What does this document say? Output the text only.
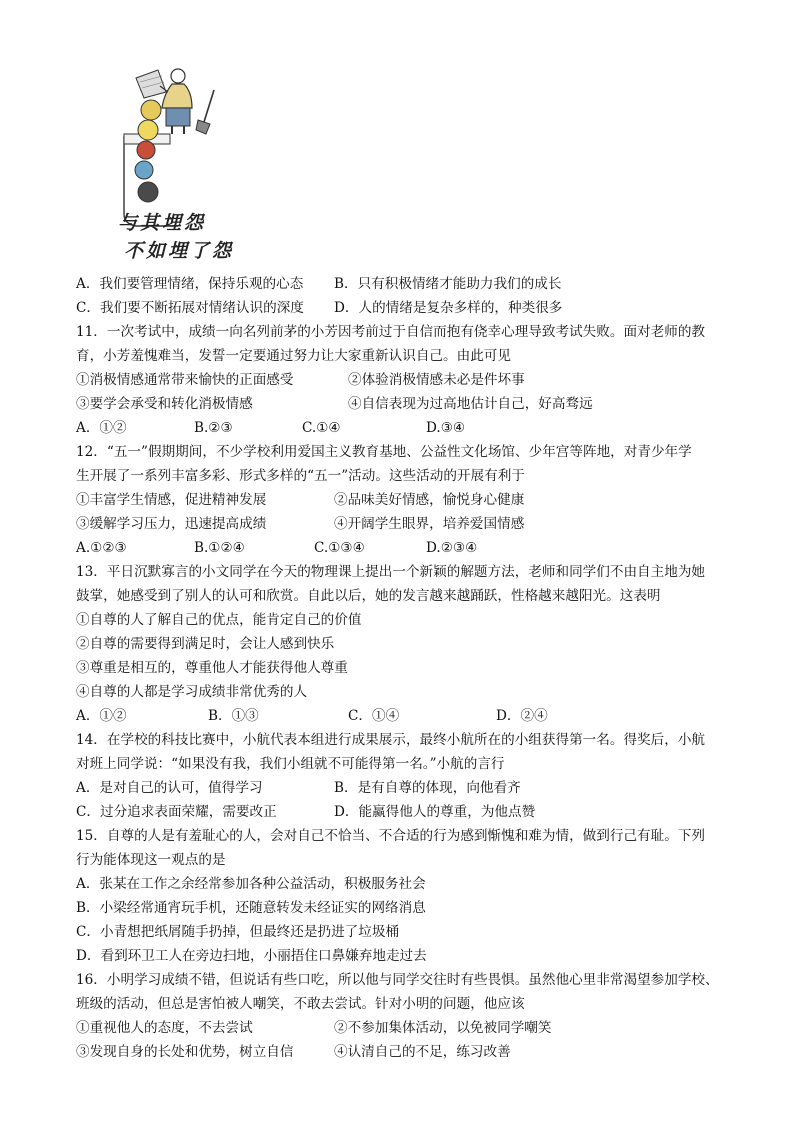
与其埋怨
不如埋了怨
A．我们要管理情绪，保持乐观的心态 B．只有积极情绪才能助力我们的成长
C．我们要不断拓展对情绪认识的深度 D．人的情绪是复杂多样的，种类很多
11．一次考试中，成绩一向名列前茅的小芳因考前过于自信而抱有侥幸心理导致考试失败。面对老师的教
育，小芳羞愧难当，发誓一定要通过努力让大家重新认识自己。由此可见
①消极情感通常带来愉快的正面感受	②体验消极情感未必是件坏事
③要学会承受和转化消极情感	④自信表现为过高地估计自己，好高骛远
A．①②	B.②③	C.①④	D.③④
12．“五一”假期期间，不少学校利用爱国主义教育基地、公益性文化场馆、少年宫等阵地，对青少年学
生开展了一系列丰富多彩、形式多样的“五一”活动。这些活动的开展有利于
①丰富学生情感，促进精神发展	②品味美好情感，愉悦身心健康
③缓解学习压力，迅速提高成绩	④开阔学生眼界，培养爱国情感
A.①②③	B.①②④	C.①③④	D.②③④
13．平日沉默寡言的小文同学在今天的物理课上提出一个新颖的解题方法，老师和同学们不由自主地为她
鼓掌，她感受到了别人的认可和欣赏。自此以后，她的发言越来越踊跃，性格越来越阳光。这表明
①自尊的人了解自己的优点，能肯定自己的价值
②自尊的需要得到满足时，会让人感到快乐
③尊重是相互的，尊重他人才能获得他人尊重
④自尊的人都是学习成绩非常优秀的人
A．①②	B．①③	C．①④	D．②④
14．在学校的科技比赛中，小航代表本组进行成果展示，最终小航所在的小组获得第一名。得奖后，小航
对班上同学说：“如果没有我，我们小组就不可能得第一名。”小航的言行
A．是对自己的认可，值得学习	B．是有自尊的体现，向他看齐
C．过分追求表面荣耀，需要改正	D．能赢得他人的尊重，为他点赞
15．自尊的人是有羞耻心的人，会对自己不恰当、不合适的行为感到惭愧和难为情，做到行己有耻。下列
行为能体现这一观点的是
A．张某在工作之余经常参加各种公益活动，积极服务社会
B．小梁经常通宵玩手机，还随意转发未经证实的网络消息
C．小青想把纸屑随手扔掉，但最终还是扔进了垃圾桶
D．看到环卫工人在旁边扫地，小丽捂住口鼻嫌弃地走过去
16．小明学习成绩不错，但说话有些口吃，所以他与同学交往时有些畏惧。虽然他心里非常渴望参加学校、
班级的活动，但总是害怕被人嘲笑，不敢去尝试。针对小明的问题，他应该
①重视他人的态度，不去尝试	②不参加集体活动，以免被同学嘲笑
③发现自身的长处和优势，树立自信	④认清自己的不足，练习改善
